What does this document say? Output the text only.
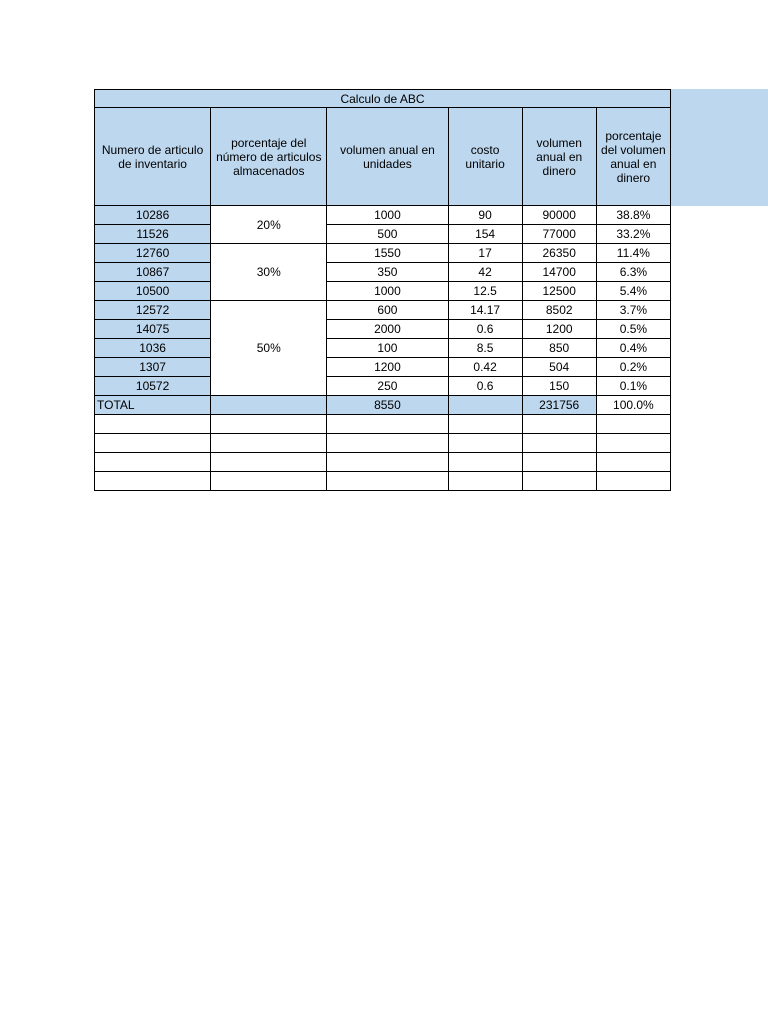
Calculo de ABC					
Numero de articulo de inventario	porcentaje del número de articulos almacenados	volumen anual en unidades	costo unitario	volumen anual en dinero	porcentaje del volumen anual en dinero
10286	20%	1000	90	90000	38.8%
11526		500	154	77000	33.2%
12760	30%	1550	17	26350	11.4%
10867		350	42	14700	6.3%
10500		1000	12.5	12500	5.4%
12572	50%	600	14.17	8502	3.7%
14075		2000	0.6	1200	0.5%
1036		100	8.5	850	0.4%
1307		1200	0.42	504	0.2%
10572		250	0.6	150	0.1%
TOTAL		8550		231756	100.0%
